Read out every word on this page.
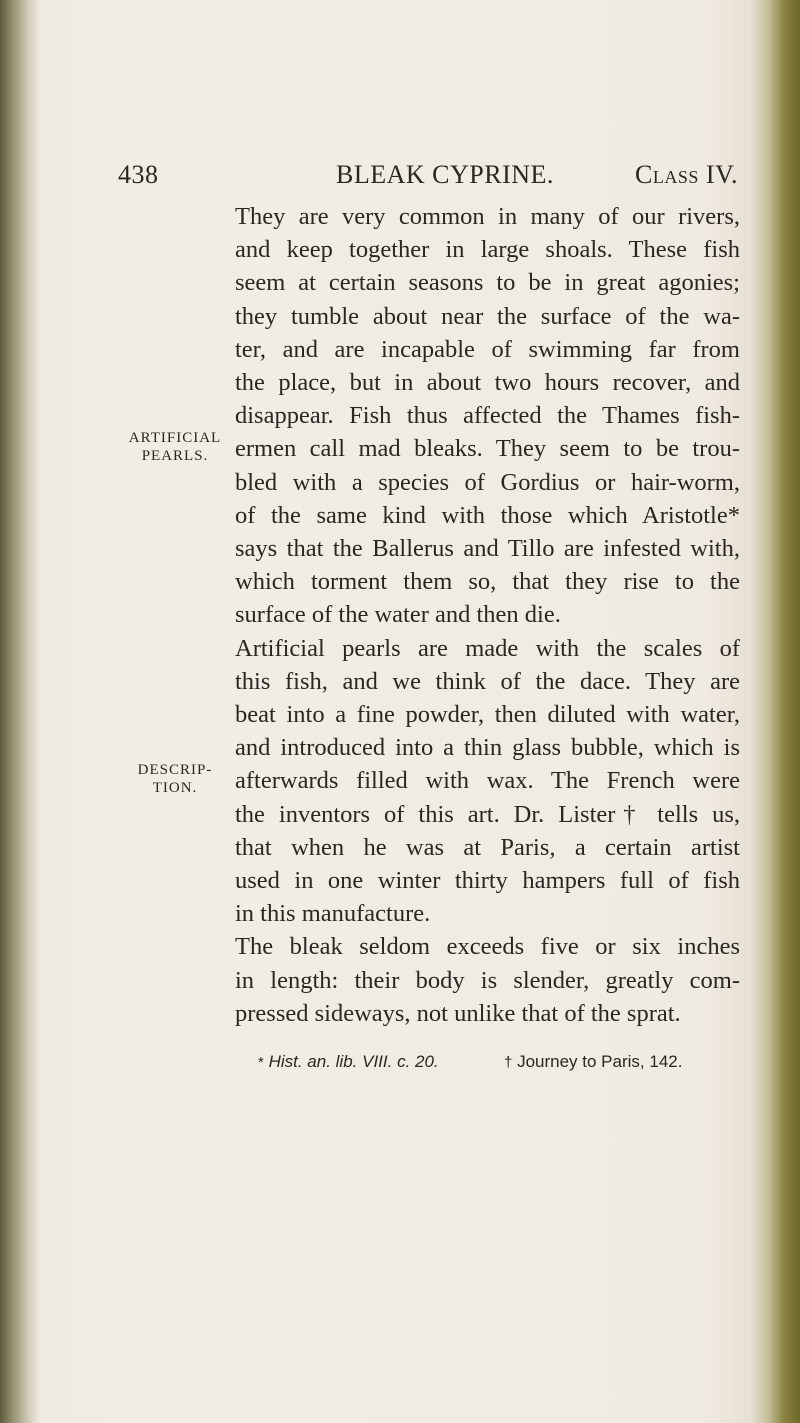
438	BLEAK CYPRINE.	Class IV.
ARTIFICIAL
PEARLS.
DESCRIP-
TION.
They are very common in many of our rivers,
and keep together in large shoals. These fish
seem at certain seasons to be in great agonies;
they tumble about near the surface of the wa-
ter, and are incapable of swimming far from
the place, but in about two hours recover, and
disappear. Fish thus affected the Thames fish-
ermen call mad bleaks. They seem to be trou-
bled with a species of Gordius or hair-worm,
of the same kind with those which Aristotle*
says that the Ballerus and Tillo are infested with,
which torment them so, that they rise to the
surface of the water and then die.
Artificial pearls are made with the scales of
this fish, and we think of the dace. They are
beat into a fine powder, then diluted with water,
and introduced into a thin glass bubble, which is
afterwards filled with wax. The French were
the inventors of this art. Dr. Lister† tells us,
that when he was at Paris, a certain artist
used in one winter thirty hampers full of fish
in this manufacture.
The bleak seldom exceeds five or six inches
in length: their body is slender, greatly com-
pressed sideways, not unlike that of the sprat.
* Hist. an. lib. VIII. c. 20.	† Journey to Paris, 142.
